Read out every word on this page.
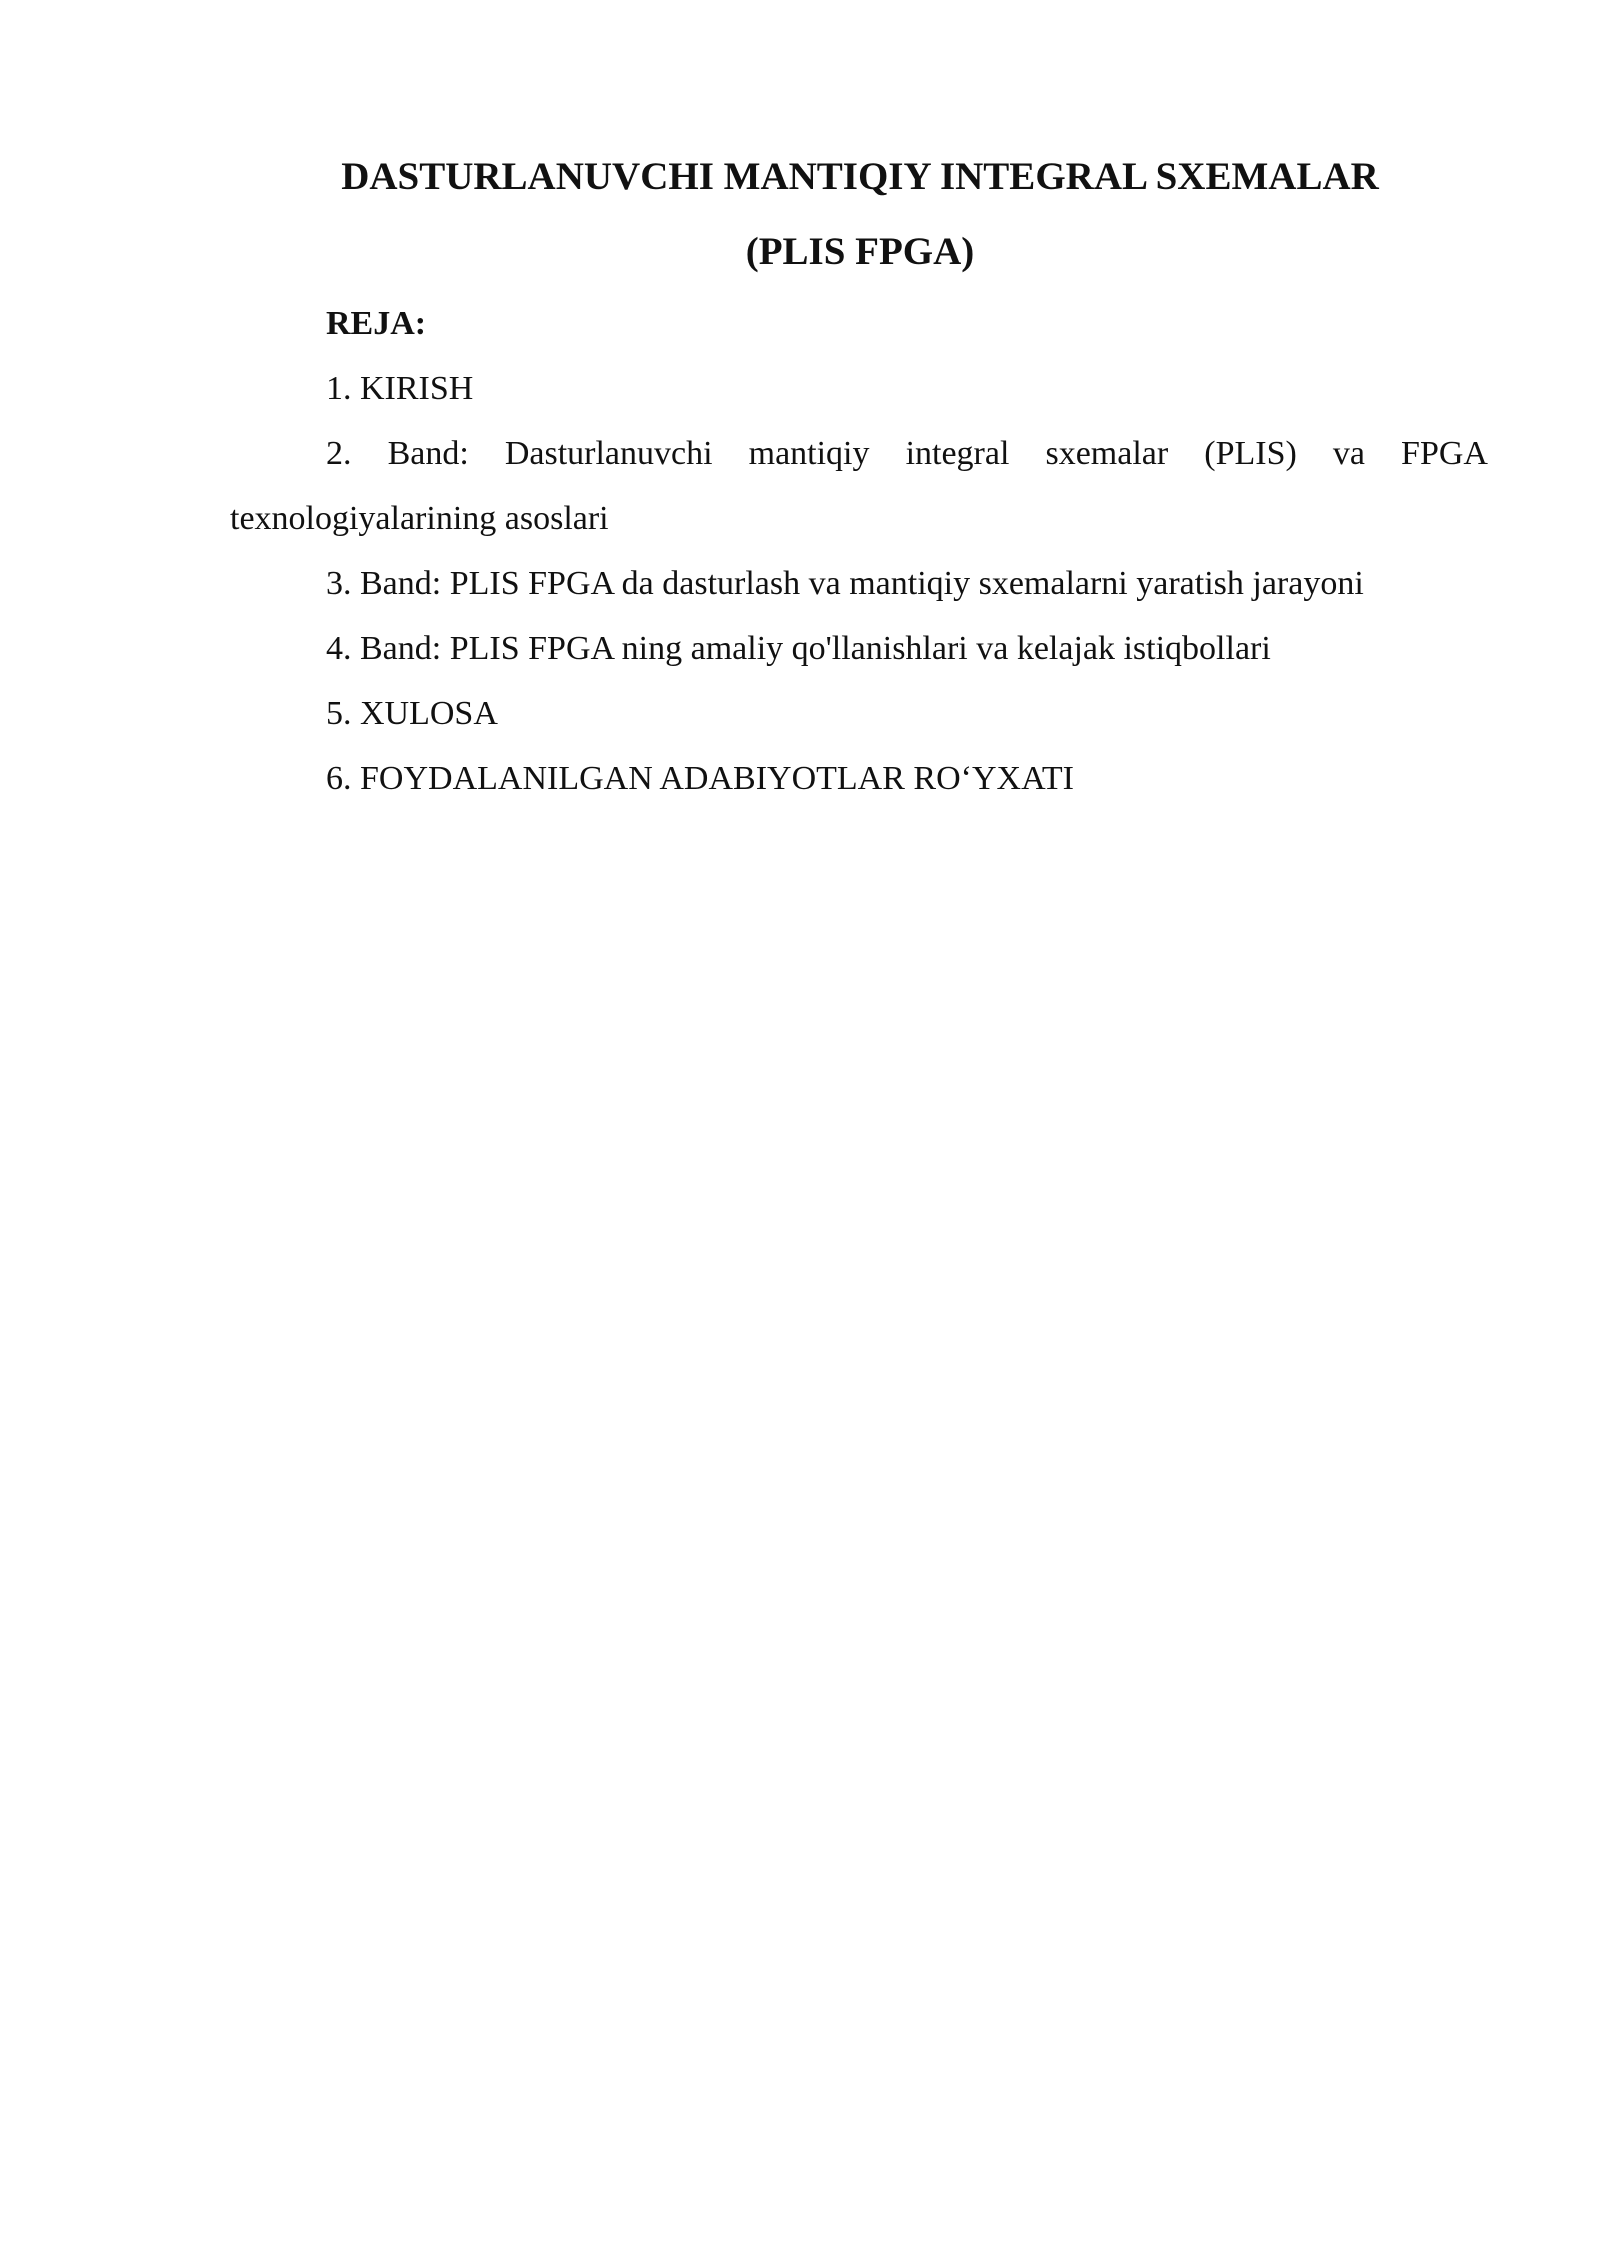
DASTURLANUVCHI MANTIQIY INTEGRAL SXEMALAR
(PLIS FPGA)
REJA:
1. KIRISH
2. Band: Dasturlanuvchi mantiqiy integral sxemalar (PLIS) va FPGA
texnologiyalarining asoslari
3. Band: PLIS FPGA da dasturlash va mantiqiy sxemalarni yaratish jarayoni
4. Band: PLIS FPGA ning amaliy qo'llanishlari va kelajak istiqbollari
5. XULOSA
6. FOYDALANILGAN ADABIYOTLAR RO‘YXATI
